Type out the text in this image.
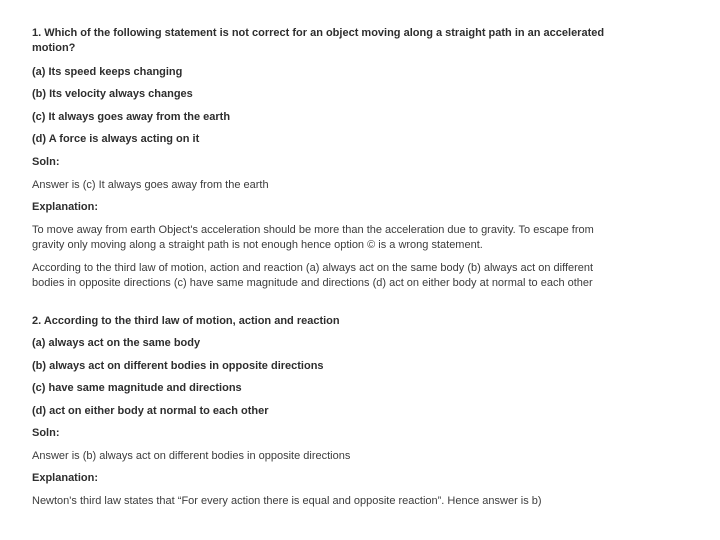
1. Which of the following statement is not correct for an object moving along a straight path in an accelerated motion?
(a) Its speed keeps changing
(b) Its velocity always changes
(c) It always goes away from the earth
(d) A force is always acting on it
Soln:
Answer is (c) It always goes away from the earth
Explanation:
To move away from earth Object's acceleration should be more than the acceleration due to gravity. To escape from gravity only moving along a straight path is not enough hence option © is a wrong statement.
According to the third law of motion, action and reaction (a) always act on the same body (b) always act on different bodies in opposite directions (c) have same magnitude and directions (d) act on either body at normal to each other
2. According to the third law of motion, action and reaction
(a) always act on the same body
(b) always act on different bodies in opposite directions
(c) have same magnitude and directions
(d) act on either body at normal to each other
Soln:
Answer is (b) always act on different bodies in opposite directions
Explanation:
Newton's third law states that “For every action there is equal and opposite reaction”. Hence answer is b)
